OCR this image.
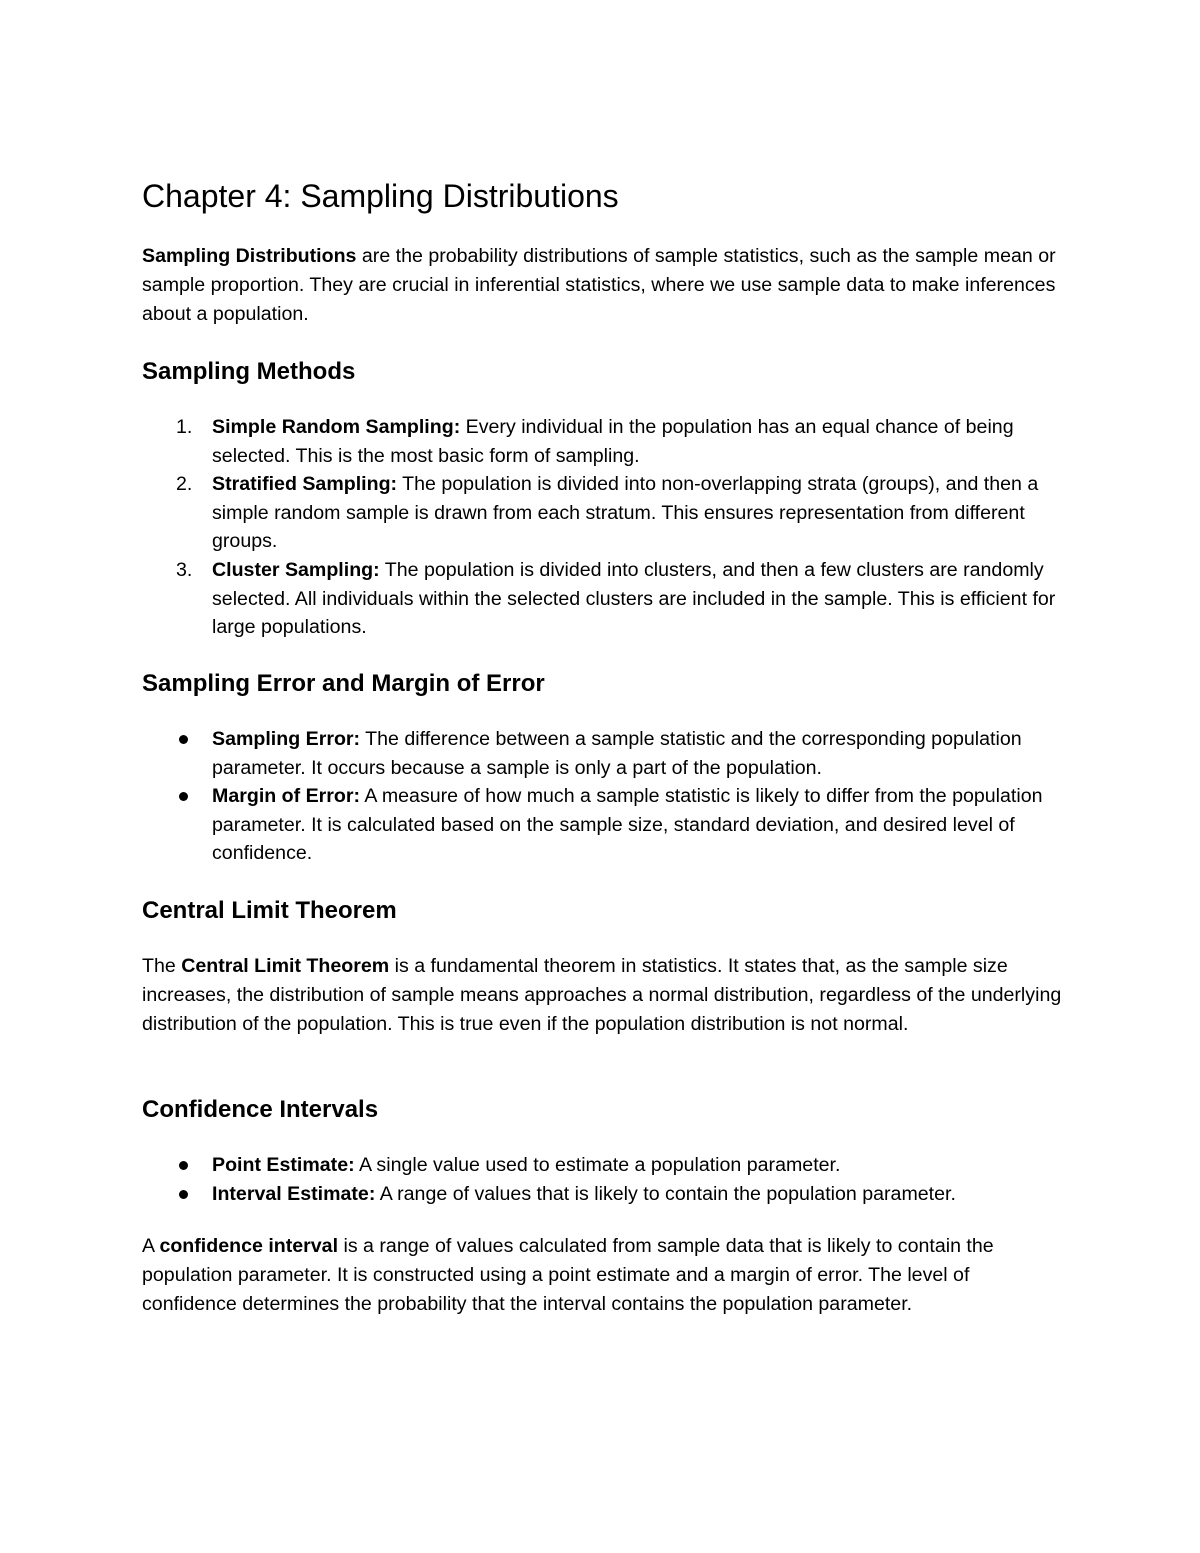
Chapter 4: Sampling Distributions

Sampling Distributions are the probability distributions of sample statistics, such as the sample mean or sample proportion. They are crucial in inferential statistics, where we use sample data to make inferences about a population.

Sampling Methods
1. Simple Random Sampling: Every individual in the population has an equal chance of being selected. This is the most basic form of sampling.
2. Stratified Sampling: The population is divided into non-overlapping strata (groups), and then a simple random sample is drawn from each stratum. This ensures representation from different groups.
3. Cluster Sampling: The population is divided into clusters, and then a few clusters are randomly selected. All individuals within the selected clusters are included in the sample. This is efficient for large populations.
Sampling Error and Margin of Error
Sampling Error: The difference between a sample statistic and the corresponding population parameter. It occurs because a sample is only a part of the population.
Margin of Error: A measure of how much a sample statistic is likely to differ from the population parameter. It is calculated based on the sample size, standard deviation, and desired level of confidence.
Central Limit Theorem

The Central Limit Theorem is a fundamental theorem in statistics. It states that, as the sample size increases, the distribution of sample means approaches a normal distribution, regardless of the underlying distribution of the population. This is true even if the population distribution is not normal.

Confidence Intervals
Point Estimate: A single value used to estimate a population parameter.
Interval Estimate: A range of values that is likely to contain the population parameter.

A confidence interval is a range of values calculated from sample data that is likely to contain the population parameter. It is constructed using a point estimate and a margin of error. The level of confidence determines the probability that the interval contains the population parameter.
